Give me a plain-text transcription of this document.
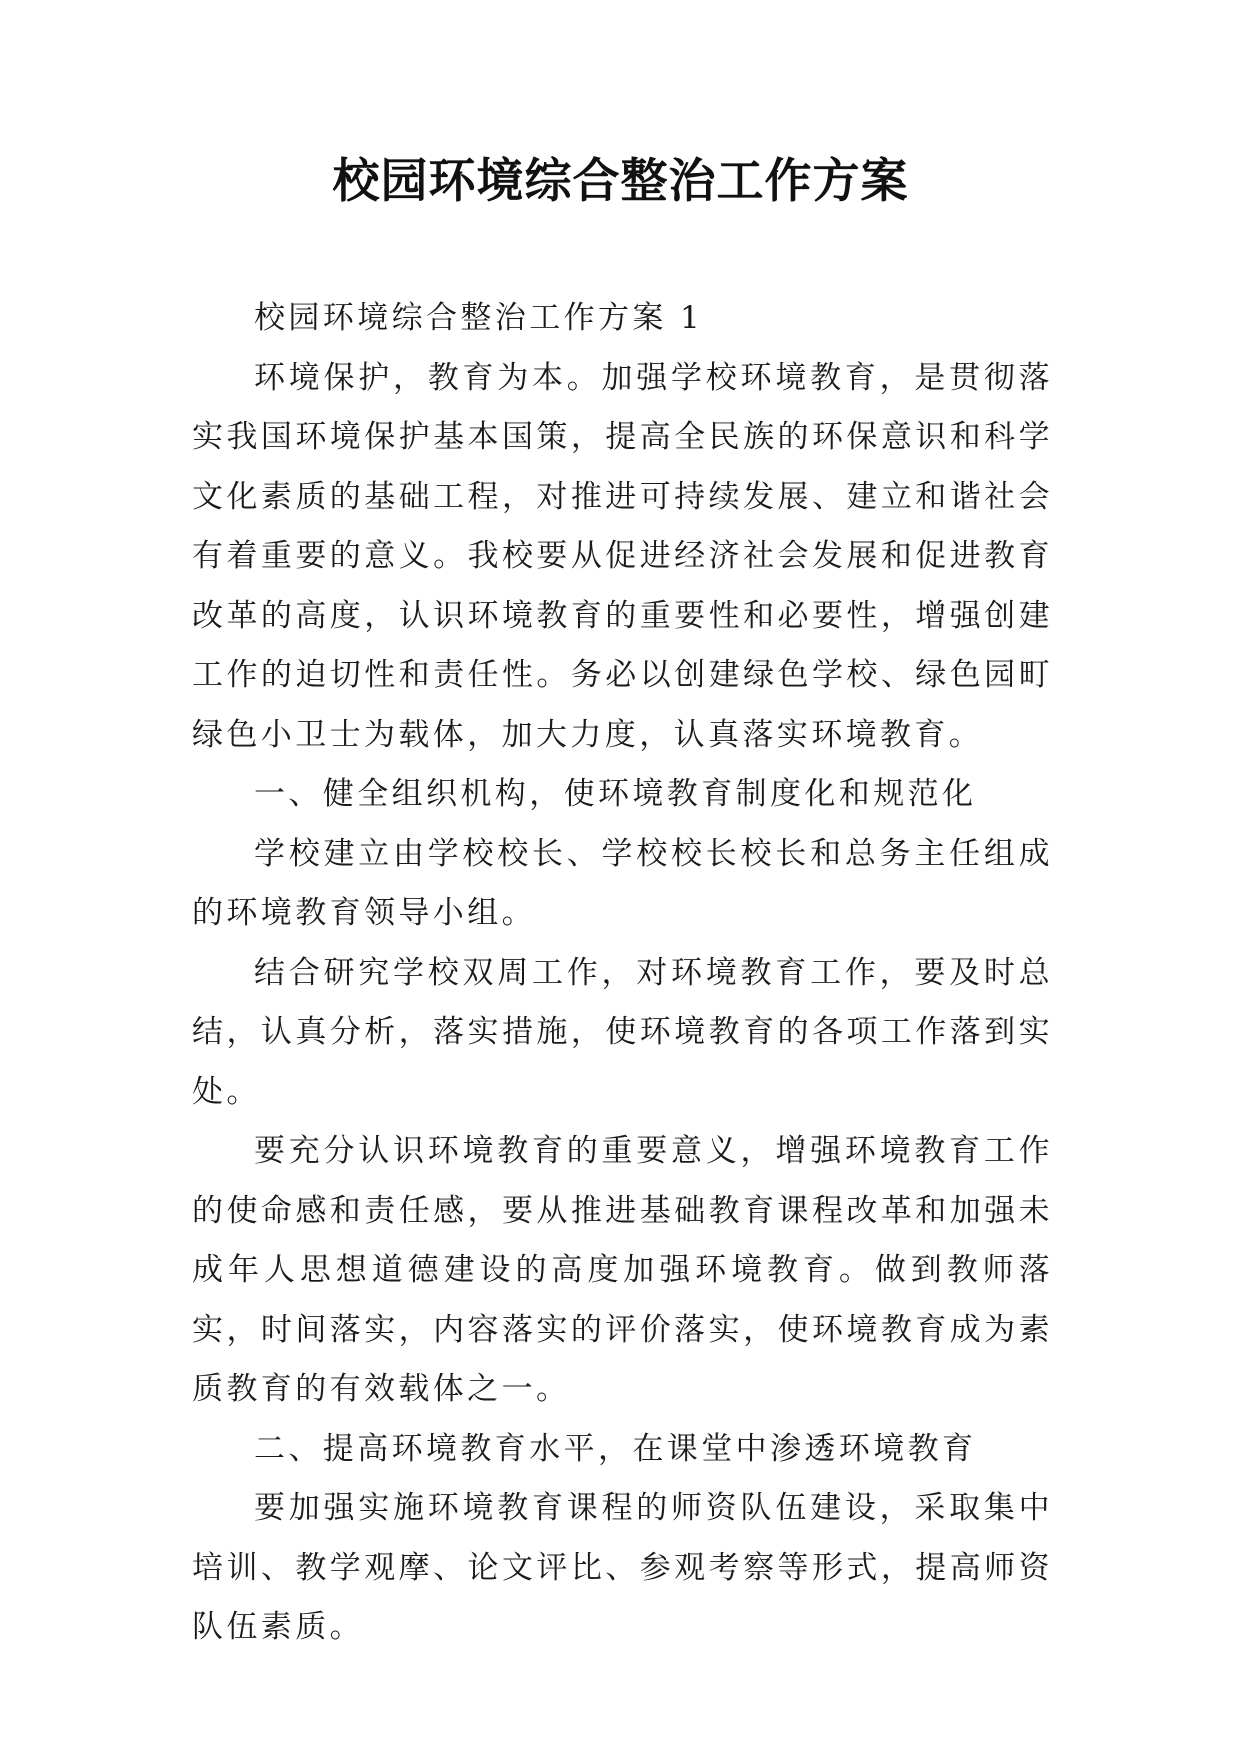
校园环境综合整治工作方案

校园环境综合整治工作方案 1

环境保护，教育为本。加强学校环境教育，是贯彻落实我国环境保护基本国策，提高全民族的环保意识和科学文化素质的基础工程，对推进可持续发展、建立和谐社会有着重要的意义。我校要从促进经济社会发展和促进教育改革的高度，认识环境教育的重要性和必要性，增强创建工作的迫切性和责任性。务必以创建绿色学校、绿色园町绿色小卫士为载体，加大力度，认真落实环境教育。

一、健全组织机构，使环境教育制度化和规范化

学校建立由学校校长、学校校长校长和总务主任组成的环境教育领导小组。

结合研究学校双周工作，对环境教育工作，要及时总结，认真分析，落实措施，使环境教育的各项工作落到实处。

要充分认识环境教育的重要意义，增强环境教育工作的使命感和责任感，要从推进基础教育课程改革和加强未成年人思想道德建设的高度加强环境教育。做到教师落实，时间落实，内容落实的评价落实，使环境教育成为素质教育的有效载体之一。

二、提高环境教育水平，在课堂中渗透环境教育

要加强实施环境教育课程的师资队伍建设，采取集中培训、教学观摩、论文评比、参观考察等形式，提高师资队伍素质。
